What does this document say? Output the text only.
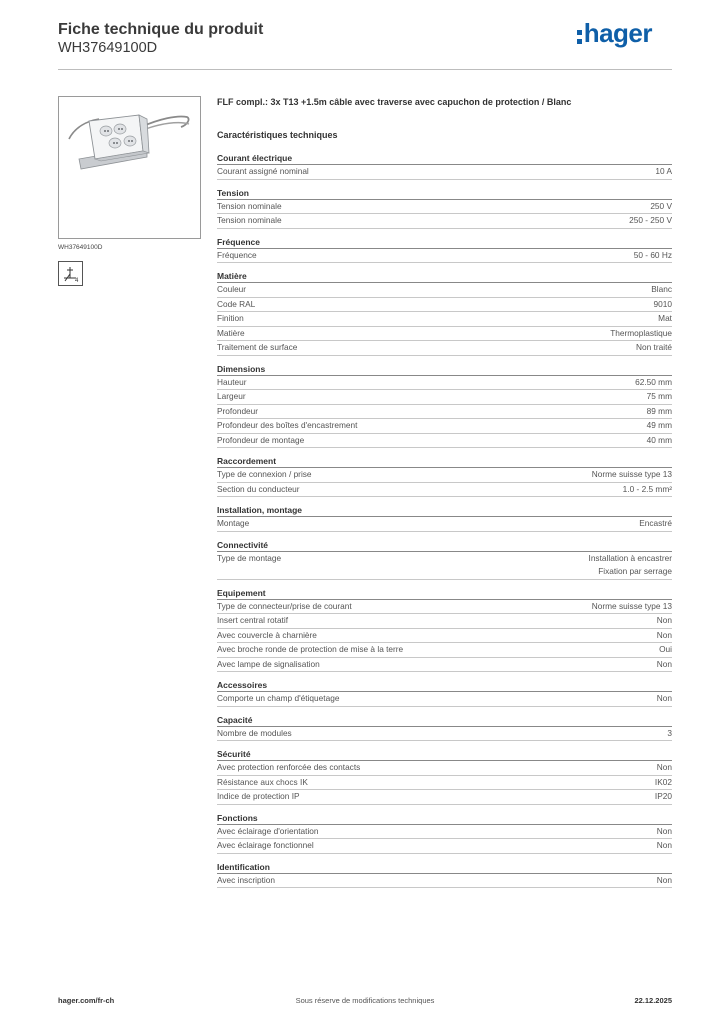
Fiche technique du produit
WH37649100D	hager
WH37649100D
4
FLF compl.: 3x T13 +1.5m câble avec traverse avec capuchon de protection / Blanc
Caractéristiques techniques
Courant électrique
Courant assigné nominal	10 A
Tension
Tension nominale	250 V
Tension nominale	250 - 250 V
Fréquence
Fréquence	50 - 60 Hz
Matière
Couleur	Blanc
Code RAL	9010
Finition	Mat
Matière	Thermoplastique
Traitement de surface	Non traité
Dimensions
Hauteur	62.50 mm
Largeur	75 mm
Profondeur	89 mm
Profondeur des boîtes d'encastrement	49 mm
Profondeur de montage	40 mm
Raccordement
Type de connexion / prise	Norme suisse type 13
Section du conducteur	1.0 - 2.5 mm²
Installation, montage
Montage	Encastré
Connectivité
Type de montage	Installation à encastrer
Fixation par serrage
Equipement
Type de connecteur/prise de courant	Norme suisse type 13
Insert central rotatif	Non
Avec couvercle à charnière	Non
Avec broche ronde de protection de mise à la terre	Oui
Avec lampe de signalisation	Non
Accessoires
Comporte un champ d'étiquetage	Non
Capacité
Nombre de modules	3
Sécurité
Avec protection renforcée des contacts	Non
Résistance aux chocs IK	IK02
Indice de protection IP	IP20
Fonctions
Avec éclairage d'orientation	Non
Avec éclairage fonctionnel	Non
Identification
Avec inscription	Non
Sous réserve de modifications techniques
hager.com/fr-ch	22.12.2025
